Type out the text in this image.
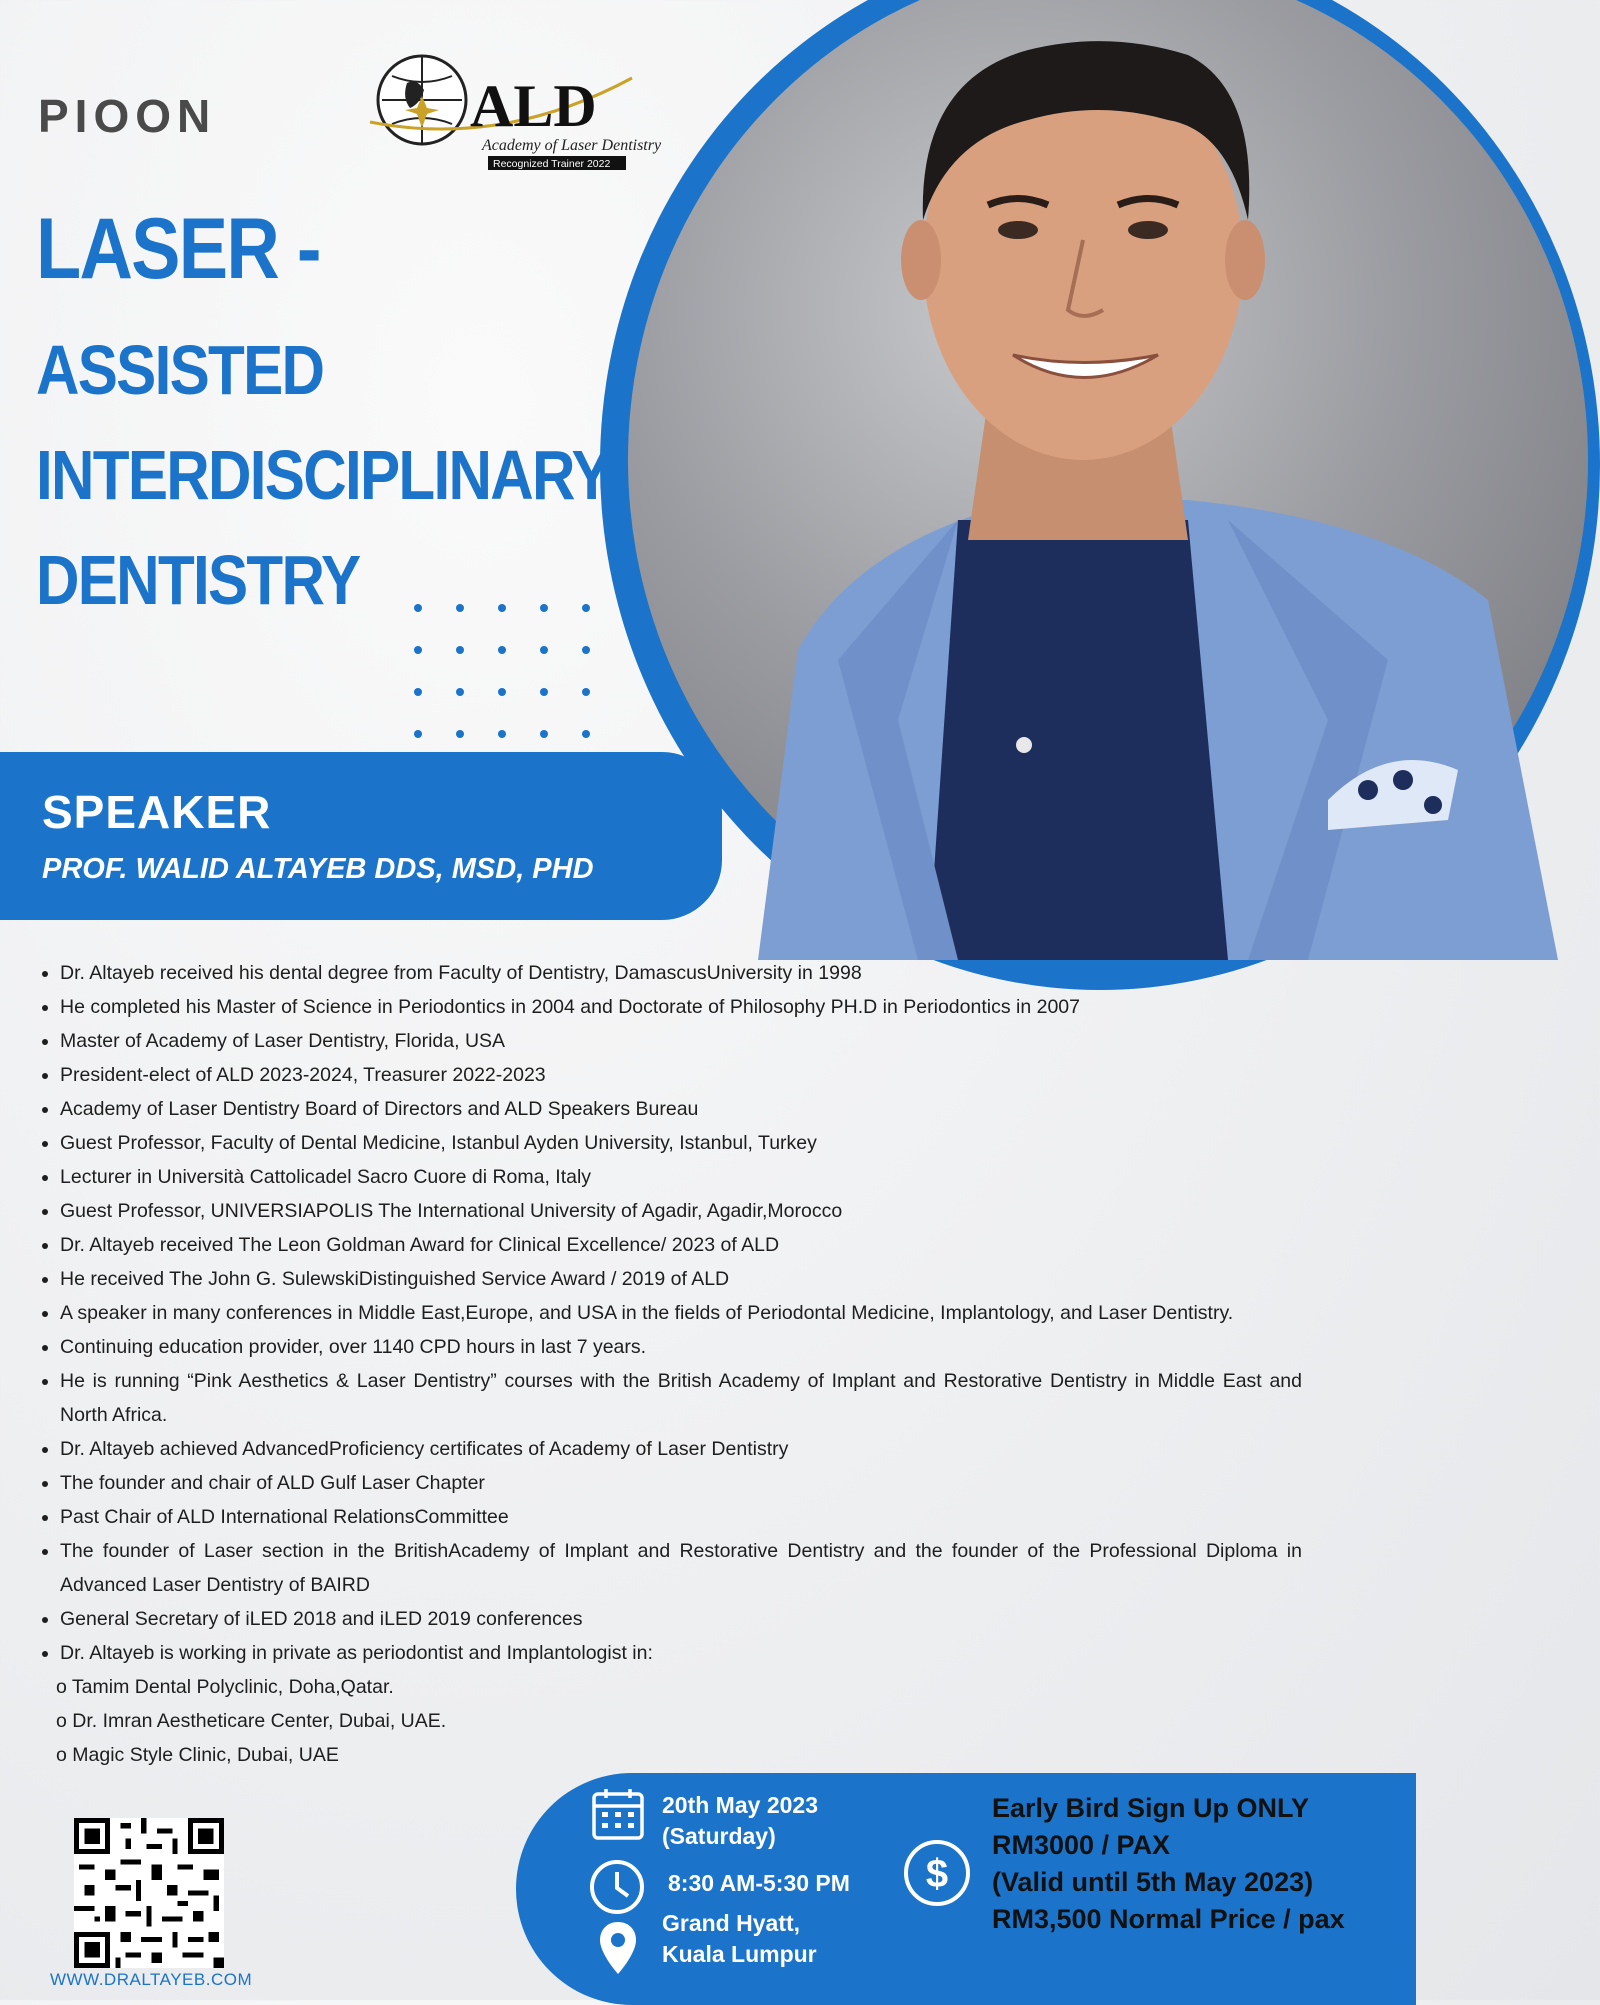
PIOON	ALD
Academy of Laser Dentistry
Recognized Trainer 2022
LASER -
ASSISTED
INTERDISCIPLINARY
DENTISTRY
SPEAKER
PROF. WALID ALTAYEB DDS, MSD, PHD
• Dr. Altayeb received his dental degree from Faculty of Dentistry, DamascusUniversity in 1998
• He completed his Master of Science in Periodontics in 2004 and Doctorate of Philosophy PH.D in Periodontics in 2007
• Master of Academy of Laser Dentistry, Florida, USA
• President-elect of ALD 2023-2024, Treasurer 2022-2023
• Academy of Laser Dentistry Board of Directors and ALD Speakers Bureau
• Guest Professor, Faculty of Dental Medicine, Istanbul Ayden University, Istanbul, Turkey
• Lecturer in Università Cattolicadel Sacro Cuore di Roma, Italy
• Guest Professor, UNIVERSIAPOLIS The International University of Agadir, Agadir,Morocco
• Dr. Altayeb received The Leon Goldman Award for Clinical Excellence/ 2023 of ALD
• He received The John G. SulewskiDistinguished Service Award / 2019 of ALD
• A speaker in many conferences in Middle East,Europe, and USA in the fields of Periodontal Medicine, Implantology, and Laser Dentistry.
• Continuing education provider, over 1140 CPD hours in last 7 years.
• He is running “Pink Aesthetics & Laser Dentistry” courses with the British Academy of Implant and Restorative Dentistry in Middle East and North Africa.
• Dr. Altayeb achieved AdvancedProficiency certificates of Academy of Laser Dentistry
• The founder and chair of ALD Gulf Laser Chapter
• Past Chair of ALD International RelationsCommittee
• The founder of Laser section in the BritishAcademy of Implant and Restorative Dentistry and the founder of the Professional Diploma in Advanced Laser Dentistry of BAIRD
• General Secretary of iLED 2018 and iLED 2019 conferences
• Dr. Altayeb is working in private as periodontist and Implantologist in:
o Tamim Dental Polyclinic, Doha,Qatar.
o Dr. Imran Aestheticare Center, Dubai, UAE.
o Magic Style Clinic, Dubai, UAE
WWW.DRALTAYEB.COM
20th May 2023
(Saturday)
8:30 AM-5:30 PM
Grand Hyatt,
Kuala Lumpur
$
Early Bird Sign Up ONLY
RM3000 / PAX
(Valid until 5th May 2023)
RM3,500 Normal Price / pax
